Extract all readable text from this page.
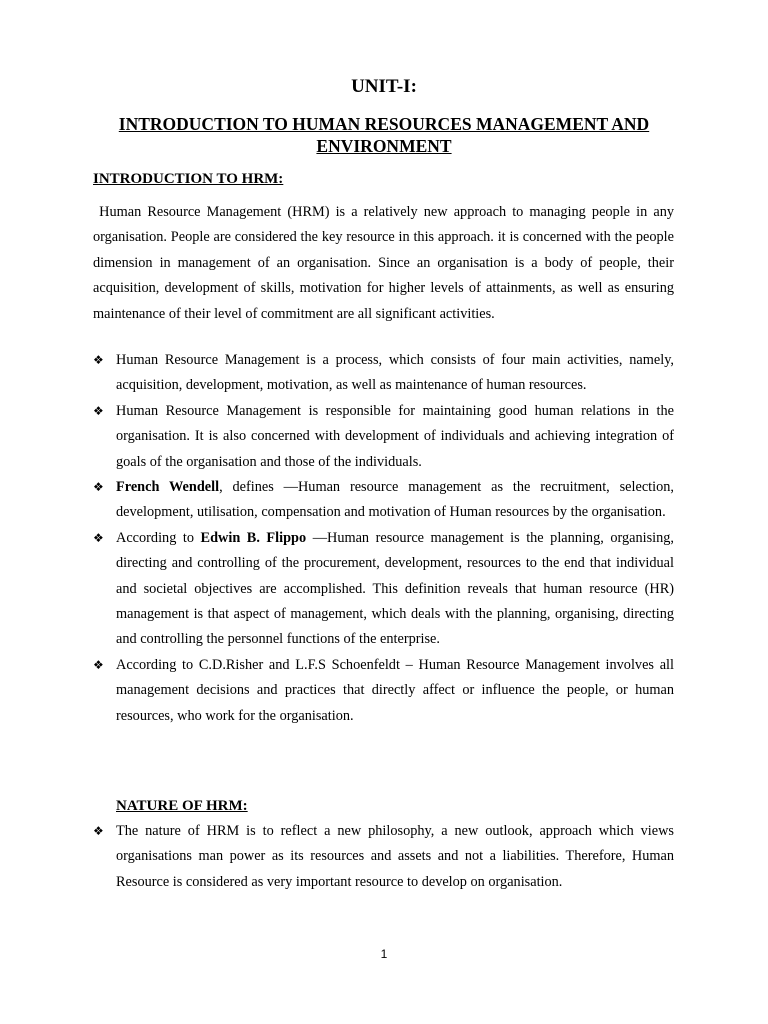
UNIT-I:
INTRODUCTION TO HUMAN RESOURCES MANAGEMENT AND ENVIRONMENT
INTRODUCTION TO HRM:

Human Resource Management (HRM) is a relatively new approach to managing people in any organisation. People are considered the key resource in this approach. it is concerned with the people dimension in management of an organisation. Since an organisation is a body of people, their acquisition, development of skills, motivation for higher levels of attainments, as well as ensuring maintenance of their level of commitment are all significant activities.

❖ Human Resource Management is a process, which consists of four main activities, namely, acquisition, development, motivation, as well as maintenance of human resources.
❖ Human Resource Management is responsible for maintaining good human relations in the organisation. It is also concerned with development of individuals and achieving integration of goals of the organisation and those of the individuals.
❖ French Wendell, defines —Human resource management as the recruitment, selection, development, utilisation, compensation and motivation of Human resources by the organisation.
❖ According to Edwin B. Flippo —Human resource management is the planning, organising, directing and controlling of the procurement, development, resources to the end that individual and societal objectives are accomplished. This definition reveals that human resource (HR) management is that aspect of management, which deals with the planning, organising, directing and controlling the personnel functions of the enterprise.
❖ According to C.D.Risher and L.F.S Schoenfeldt – Human Resource Management involves all management decisions and practices that directly affect or influence the people, or human resources, who work for the organisation.
NATURE OF HRM:
❖ The nature of HRM is to reflect a new philosophy, a new outlook, approach which views organisations man power as its resources and assets and not a liabilities. Therefore, Human Resource is considered as very important resource to develop on organisation.
1
